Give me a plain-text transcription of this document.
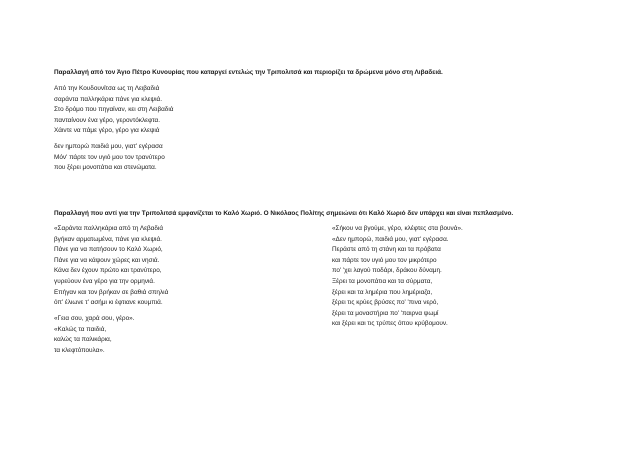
Παραλλαγή από τον Άγιο Πέτρο Κυνουρίας που καταργεί εντελώς την Τριπολιτσά και περιορίζει τα δρώμενα μόνο στη Λιβαδειά.
Από την Κουδουνίτσα ως τη Λειβαδιά
σαράντα παλληκάρια πάνε για κλεψιά.
Στο δρόμο που πηγαίναν, κει στη Λειβαδιά
πανταίνουν ένα γέρο, γεροντόκλεφτα.
Χάιντε να πάμε γέρο, γέρο για κλεψιά
δεν ημπορώ παιδιά μου, γιατ' εγέρασα
Μόν' πάρτε τον υγιό μου τον τρανύτερο
που ξέρει μονοπάτια και στενώματα.
Παραλλαγή που αντί για την Τριπολιτσά εμφανίζεται το Καλό Χωριό. Ο Νικόλαος Πολίτης σημειώνει ότι Καλό Χωριό δεν υπάρχει και είναι πεπλασμένο.
«Σαράντα παλληκάρια από τη Λεβαδιά
βγήκαν αρματωμένα, πάνε για κλεψιά.
Πάνε για να πατήσουν το Καλό Χωριό,
Πάνε για να κάψουν χώρες και νησιά.
Κάνα δεν έχουν πρώτο και τρανύτερο,
γυρεύουν ένα γέρο για την ορμηνιά.
Επήγαν και τον βρήκαν σε βαθιά σπηλιά
όπ' έλιωνε τ' ασήμι κι έφτιανε κουμπιά.
«Γεια σου, χαρά σου, γέρο».
«Καλώς τα παιδιά,
καλώς τα παλικάρια,
τα κλεφτόπουλα».
«Σήκου να βγούμε, γέρο, κλέφτες στα βουνά».
«Δεν ημπορώ, παιδιά μου, γιατ' εγέρασα.
Περάστε από τη στάνη και τα πρόβατα
και πάρτε τον υγιό μου τον μικρότερο
πο' 'χει λαγού ποδάρι, δράκου δύναμη.
Ξέρει τα μονοπάτια και τα σύρματα,
ξέρει και τα λημέρια που λημέριαζα,
ξέρει τις κρύες βρύσες πο' 'πινα νερό,
ξέρει τα μοναστήρια πο' 'παιρνα ψωμί
και ξέρει και τις τρύπες όπου κρύβομουν.
